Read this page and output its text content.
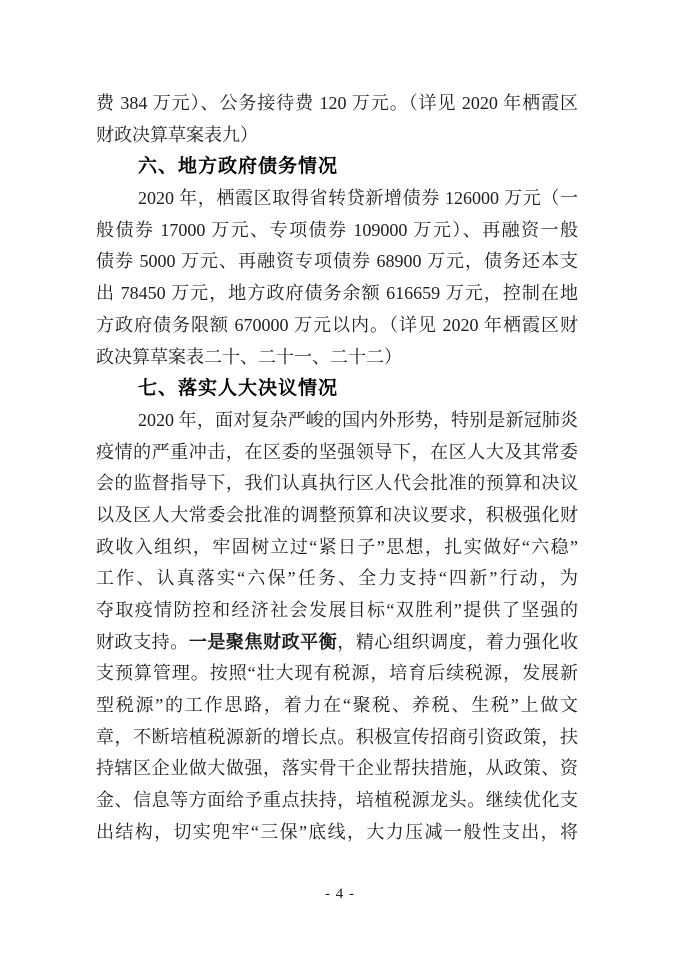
费 384 万元）、公务接待费 120 万元。（详见 2020 年栖霞区
财政决算草案表九）
六、地方政府债务情况
2020 年，栖霞区取得省转贷新增债券 126000 万元（一
般债券 17000 万元、专项债券 109000 万元）、再融资一般
债券 5000 万元、再融资专项债券 68900 万元，债务还本支
出 78450 万元，地方政府债务余额 616659 万元，控制在地
方政府债务限额 670000 万元以内。（详见 2020 年栖霞区财
政决算草案表二十、二十一、二十二）
七、落实人大决议情况
2020 年，面对复杂严峻的国内外形势，特别是新冠肺炎
疫情的严重冲击，在区委的坚强领导下，在区人大及其常委
会的监督指导下，我们认真执行区人代会批准的预算和决议
以及区人大常委会批准的调整预算和决议要求，积极强化财
政收入组织，牢固树立过“紧日子”思想，扎实做好“六稳”
工作、认真落实“六保”任务、全力支持“四新”行动，为
夺取疫情防控和经济社会发展目标“双胜利”提供了坚强的
财政支持。一是聚焦财政平衡，精心组织调度，着力强化收
支预算管理。按照“壮大现有税源，培育后续税源，发展新
型税源”的工作思路，着力在“聚税、养税、生税”上做文
章，不断培植税源新的增长点。积极宣传招商引资政策，扶
持辖区企业做大做强，落实骨干企业帮扶措施，从政策、资
金、信息等方面给予重点扶持，培植税源龙头。继续优化支
出结构，切实兜牢“三保”底线，大力压减一般性支出，将
- 4 -
